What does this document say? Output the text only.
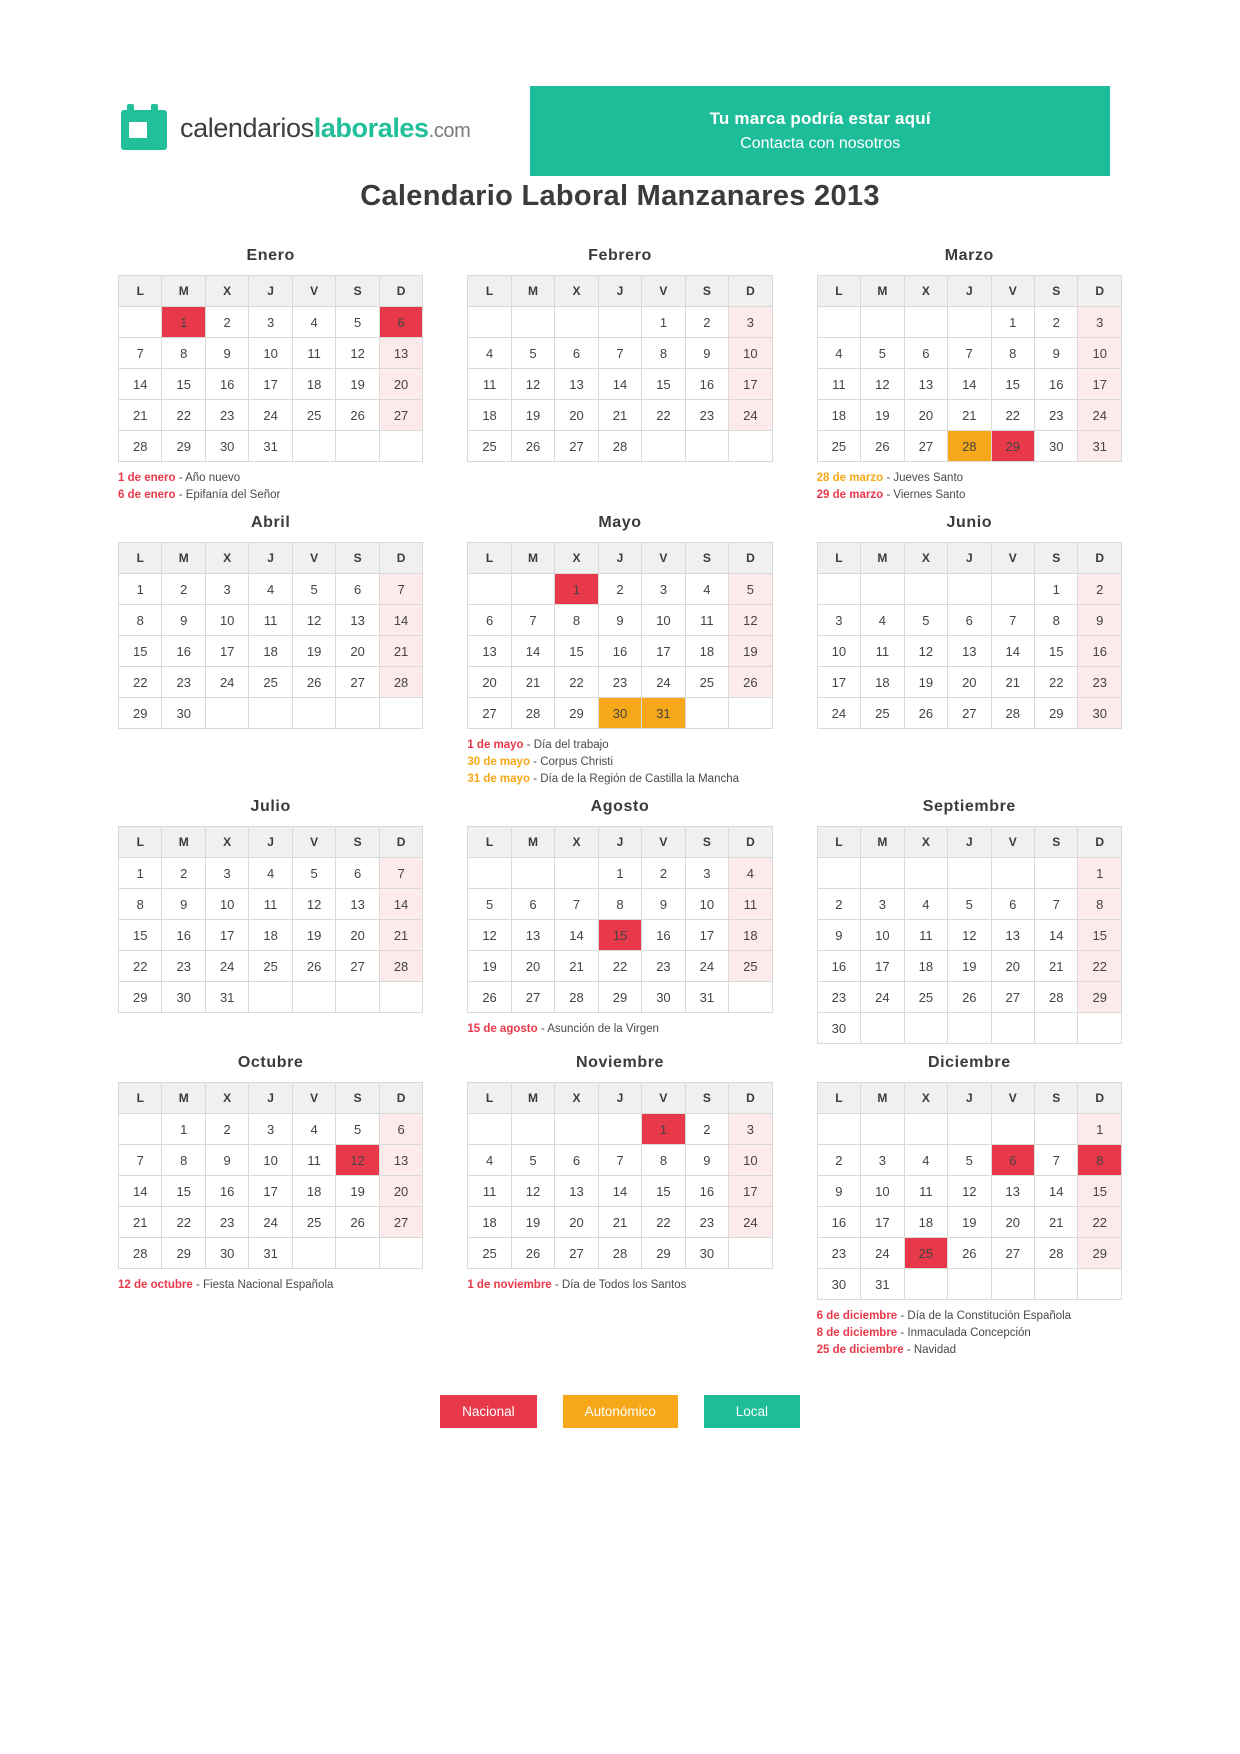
calendarioslaborales.com
Tu marca podría estar aquí
Contacta con nosotros
Calendario Laboral Manzanares 2013
Enero
L	M	X	J	V	S	D
	1	2	3	4	5	6
7	8	9	10	11	12	13
14	15	16	17	18	19	20
21	22	23	24	25	26	27
28	29	30	31			
1 de enero - Año nuevo
6 de enero - Epifanía del Señor
Febrero
L	M	X	J	V	S	D
				1	2	3
4	5	6	7	8	9	10
11	12	13	14	15	16	17
18	19	20	21	22	23	24
25	26	27	28			
Marzo
L	M	X	J	V	S	D
				1	2	3
4	5	6	7	8	9	10
11	12	13	14	15	16	17
18	19	20	21	22	23	24
25	26	27	28	29	30	31
28 de marzo - Jueves Santo
29 de marzo - Viernes Santo
Abril
L	M	X	J	V	S	D
1	2	3	4	5	6	7
8	9	10	11	12	13	14
15	16	17	18	19	20	21
22	23	24	25	26	27	28
29	30					
Mayo
L	M	X	J	V	S	D
		1	2	3	4	5
6	7	8	9	10	11	12
13	14	15	16	17	18	19
20	21	22	23	24	25	26
27	28	29	30	31		
1 de mayo - Día del trabajo
30 de mayo - Corpus Christi
31 de mayo - Día de la Región de Castilla la Mancha
Junio
L	M	X	J	V	S	D
					1	2
3	4	5	6	7	8	9
10	11	12	13	14	15	16
17	18	19	20	21	22	23
24	25	26	27	28	29	30
Julio
L	M	X	J	V	S	D
1	2	3	4	5	6	7
8	9	10	11	12	13	14
15	16	17	18	19	20	21
22	23	24	25	26	27	28
29	30	31				
Agosto
L	M	X	J	V	S	D
			1	2	3	4
5	6	7	8	9	10	11
12	13	14	15	16	17	18
19	20	21	22	23	24	25
26	27	28	29	30	31	
15 de agosto - Asunción de la Virgen
Septiembre
L	M	X	J	V	S	D
						1
2	3	4	5	6	7	8
9	10	11	12	13	14	15
16	17	18	19	20	21	22
23	24	25	26	27	28	29
30						
Octubre
L	M	X	J	V	S	D
	1	2	3	4	5	6
7	8	9	10	11	12	13
14	15	16	17	18	19	20
21	22	23	24	25	26	27
28	29	30	31			
12 de octubre - Fiesta Nacional Española
Noviembre
L	M	X	J	V	S	D
				1	2	3
4	5	6	7	8	9	10
11	12	13	14	15	16	17
18	19	20	21	22	23	24
25	26	27	28	29	30	
1 de noviembre - Día de Todos los Santos
Diciembre
L	M	X	J	V	S	D
						1
2	3	4	5	6	7	8
9	10	11	12	13	14	15
16	17	18	19	20	21	22
23	24	25	26	27	28	29
30	31					
6 de diciembre - Día de la Constitución Española
8 de diciembre - Inmaculada Concepción
25 de diciembre - Navidad
Nacional	Autonómico	Local
